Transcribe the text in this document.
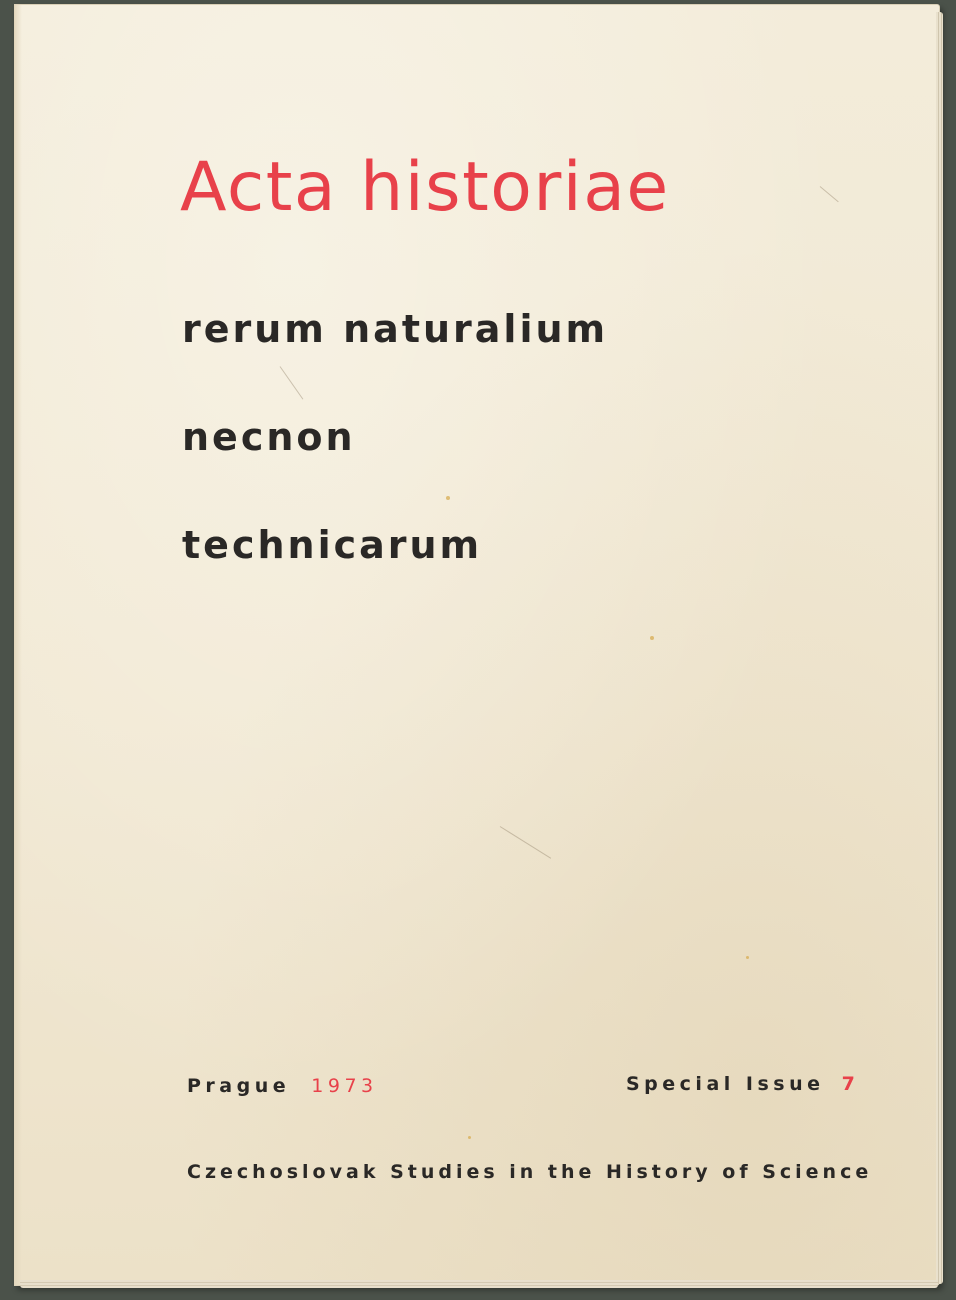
Acta historiae
rerum naturalium
necnon
technicarum
Prague 1973	Special Issue 7
Czechoslovak Studies in the History of Science
